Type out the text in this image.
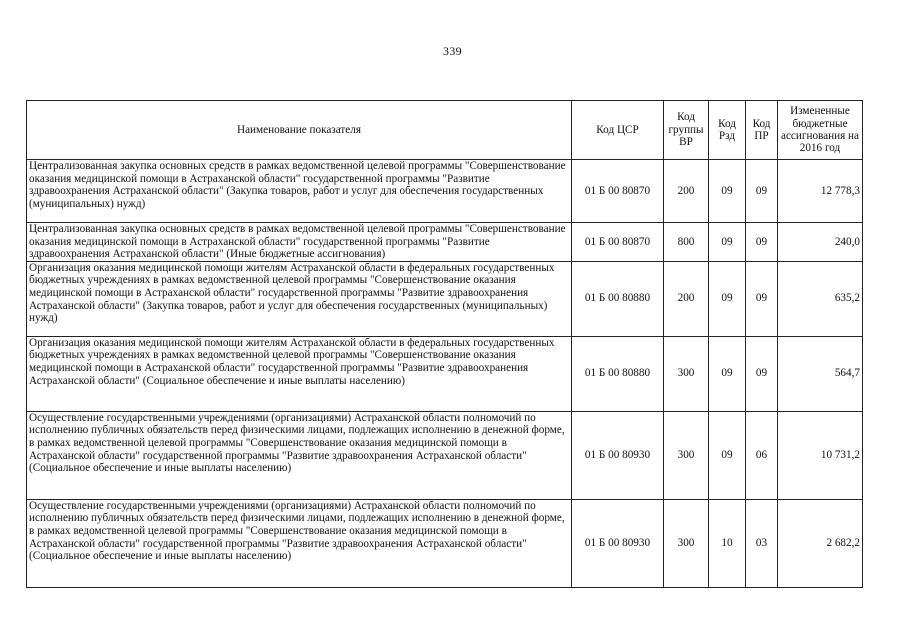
339
Наименование показателя	Код ЦСР	Код группы ВР	Код Рзд	Код ПР	Измененные бюджетные ассигнования на 2016 год
Централизованная закупка основных средств в рамках ведомственной целевой программы "Совершенствование оказания медицинской помощи в Астраханской области" государственной программы "Развитие здравоохранения Астраханской области" (Закупка товаров, работ и услуг для обеспечения государственных (муниципальных) нужд)	01 Б 00 80870	200	09	09	12 778,3
Централизованная закупка основных средств в рамках ведомственной целевой программы "Совершенствование оказания медицинской помощи в Астраханской области" государственной программы "Развитие здравоохранения Астраханской области" (Иные бюджетные ассигнования)	01 Б 00 80870	800	09	09	240,0
Организация оказания медицинской помощи жителям Астраханской области в федеральных государственных бюджетных учреждениях в рамках ведомственной целевой программы "Совершенствование оказания медицинской помощи в Астраханской области" государственной программы "Развитие здравоохранения Астраханской области" (Закупка товаров, работ и услуг для обеспечения государственных (муниципальных) нужд)	01 Б 00 80880	200	09	09	635,2
Организация оказания медицинской помощи жителям Астраханской области в федеральных государственных бюджетных учреждениях в рамках ведомственной целевой программы "Совершенствование оказания медицинской помощи в Астраханской области" государственной программы "Развитие здравоохранения Астраханской области" (Социальное обеспечение и иные выплаты населению)	01 Б 00 80880	300	09	09	564,7
Осуществление государственными учреждениями (организациями) Астраханской области полномочий по исполнению публичных обязательств перед физическими лицами, подлежащих исполнению в денежной форме, в рамках ведомственной целевой программы "Совершенствование оказания медицинской помощи в Астраханской области" государственной программы "Развитие здравоохранения Астраханской области" (Социальное обеспечение и иные выплаты населению)	01 Б 00 80930	300	09	06	10 731,2
Осуществление государственными учреждениями (организациями) Астраханской области полномочий по исполнению публичных обязательств перед физическими лицами, подлежащих исполнению в денежной форме, в рамках ведомственной целевой программы "Совершенствование оказания медицинской помощи в Астраханской области" государственной программы "Развитие здравоохранения Астраханской области" (Социальное обеспечение и иные выплаты населению)	01 Б 00 80930	300	10	03	2 682,2
